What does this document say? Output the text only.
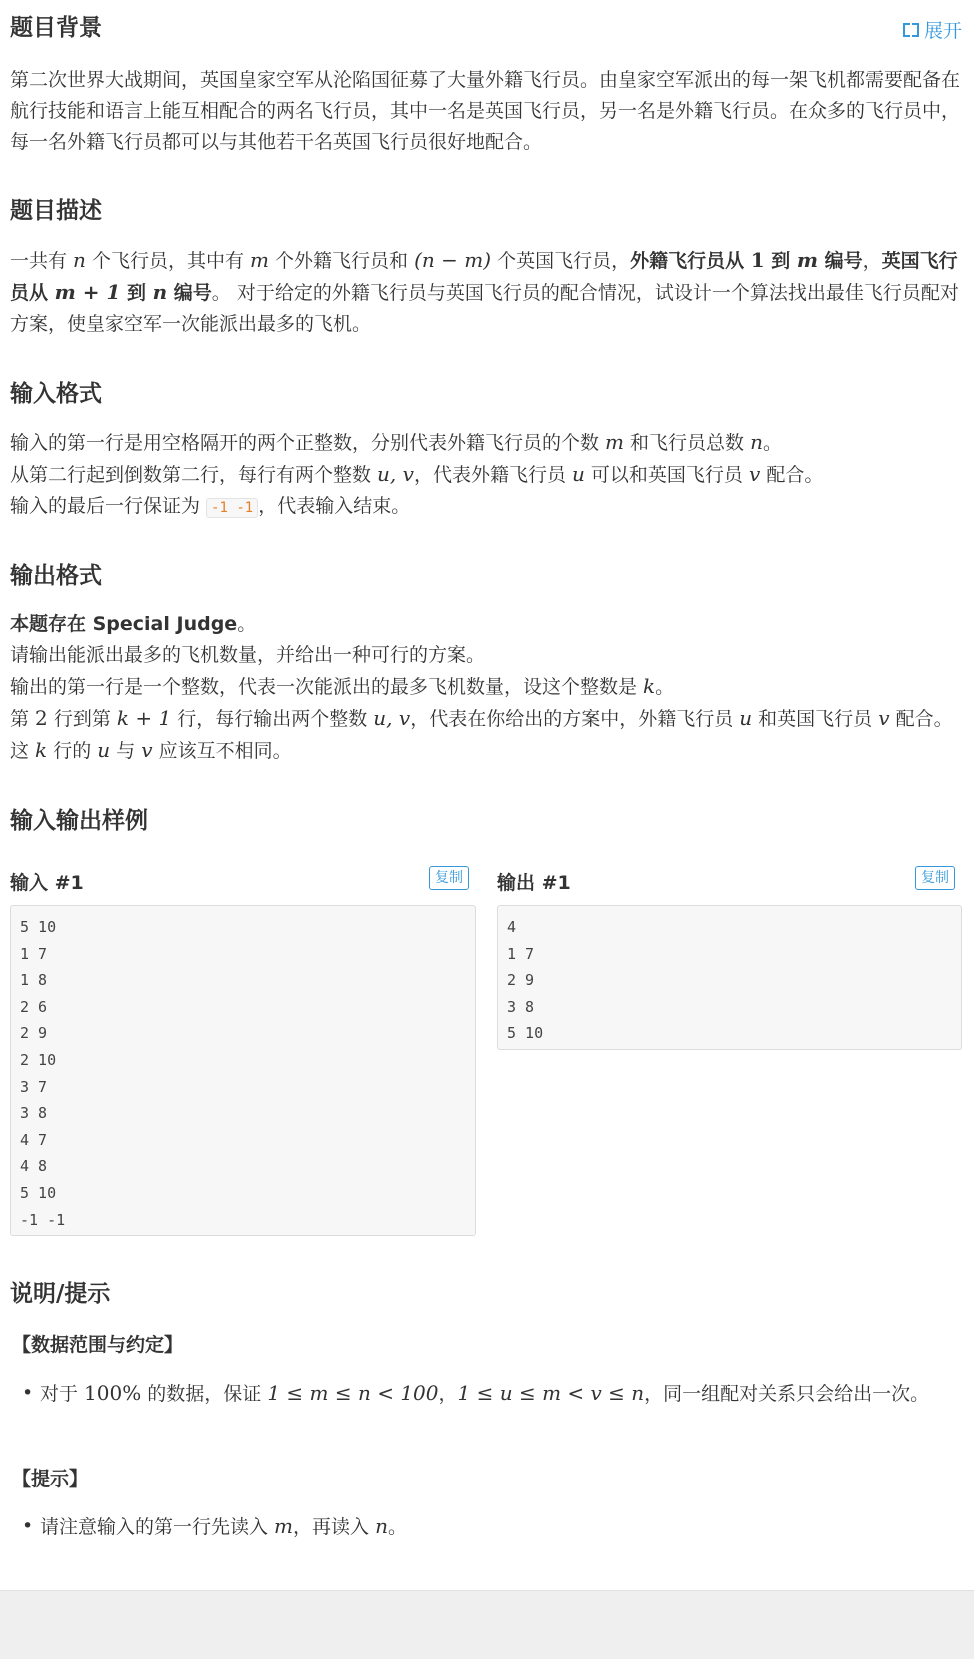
题目背景	展开

第二次世界大战期间，英国皇家空军从沦陷国征募了大量外籍飞行员。由皇家空军派出的每一架飞机都需要配备在航行技能和语言上能互相配合的两名飞行员，其中一名是英国飞行员，另一名是外籍飞行员。在众多的飞行员中，每一名外籍飞行员都可以与其他若干名英国飞行员很好地配合。

题目描述

一共有 n 个飞行员，其中有 m 个外籍飞行员和 (n − m) 个英国飞行员，外籍飞行员从 1 到 m 编号，英国飞行员从 m + 1 到 n 编号。 对于给定的外籍飞行员与英国飞行员的配合情况，试设计一个算法找出最佳飞行员配对方案，使皇家空军一次能派出最多的飞机。

输入格式

输入的第一行是用空格隔开的两个正整数，分别代表外籍飞行员的个数 m 和飞行员总数 n。

从第二行起到倒数第二行，每行有两个整数 u, v，代表外籍飞行员 u 可以和英国飞行员 v 配合。

输入的最后一行保证为 -1 -1 ，代表输入结束。

输出格式

本题存在 Special Judge。

请输出能派出最多的飞机数量，并给出一种可行的方案。

输出的第一行是一个整数，代表一次能派出的最多飞机数量，设这个整数是 k。

第 2 行到第 k + 1 行，每行输出两个整数 u, v，代表在你给出的方案中，外籍飞行员 u 和英国飞行员 v 配合。这 k 行的 u 与 v 应该互不相同。

输入输出样例
输入 #1	复制
5 10
1 7
1 8
2 6
2 9
2 10
3 7
3 8
4 7
4 8
5 10
-1 -1
输出 #1	复制
4
1 7
2 9
3 8
5 10
说明/提示

【数据范围与约定】

• 对于 100% 的数据，保证 1 ≤ m ≤ n < 100，1 ≤ u ≤ m < v ≤ n，同一组配对关系只会给出一次。

【提示】

• 请注意输入的第一行先读入 m，再读入 n。
